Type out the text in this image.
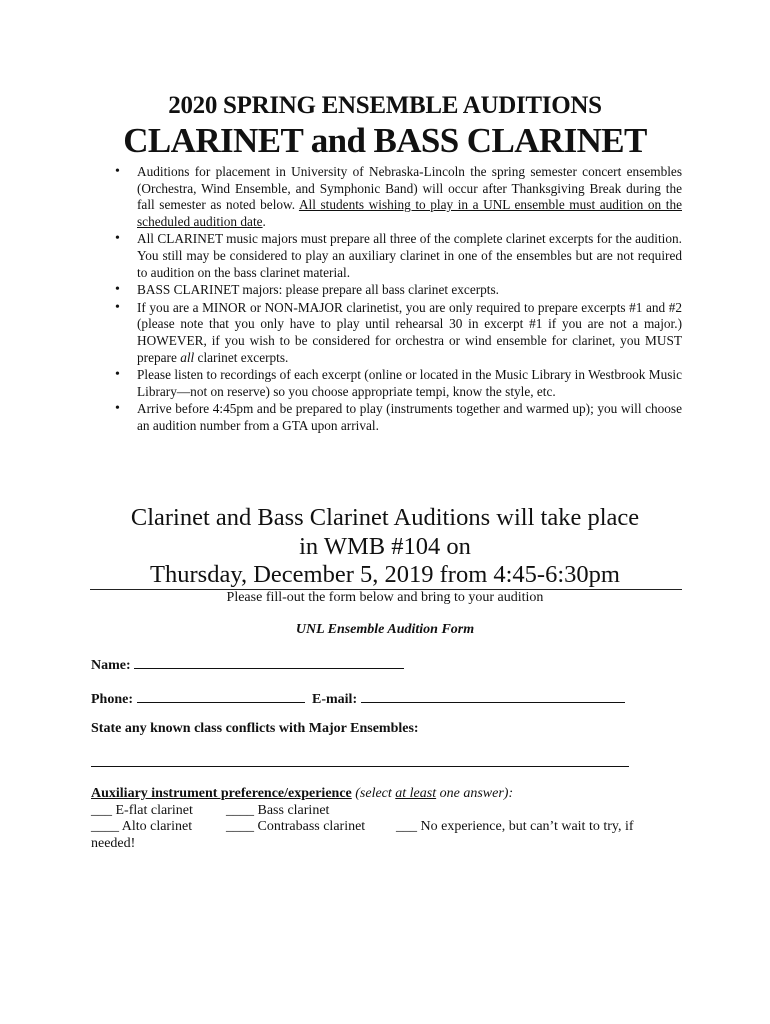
2020 SPRING ENSEMBLE AUDITIONS
CLARINET and BASS CLARINET
• Auditions for placement in University of Nebraska-Lincoln the spring semester concert ensembles (Orchestra, Wind Ensemble, and Symphonic Band) will occur after Thanksgiving Break during the fall semester as noted below. All students wishing to play in a UNL ensemble must audition on the scheduled audition date.
• All CLARINET music majors must prepare all three of the complete clarinet excerpts for the audition. You still may be considered to play an auxiliary clarinet in one of the ensembles but are not required to audition on the bass clarinet material.
• BASS CLARINET majors: please prepare all bass clarinet excerpts.
• If you are a MINOR or NON-MAJOR clarinetist, you are only required to prepare excerpts #1 and #2 (please note that you only have to play until rehearsal 30 in excerpt #1 if you are not a major.) HOWEVER, if you wish to be considered for orchestra or wind ensemble for clarinet, you MUST prepare all clarinet excerpts.
• Please listen to recordings of each excerpt (online or located in the Music Library in Westbrook Music Library—not on reserve) so you choose appropriate tempi, know the style, etc.
• Arrive before 4:45pm and be prepared to play (instruments together and warmed up); you will choose an audition number from a GTA upon arrival.
Clarinet and Bass Clarinet Auditions will take place
in WMB #104 on
Thursday, December 5, 2019 from 4:45-6:30pm
Please fill-out the form below and bring to your audition
UNL Ensemble Audition Form
Name:
Phone:	E-mail:
State any known class conflicts with Major Ensembles:
Auxiliary instrument preference/experience (select at least one answer):
___ E-flat clarinet ____ Bass clarinet
____ Alto clarinet ____ Contrabass clarinet ___ No experience, but can’t wait to try, if
needed!
